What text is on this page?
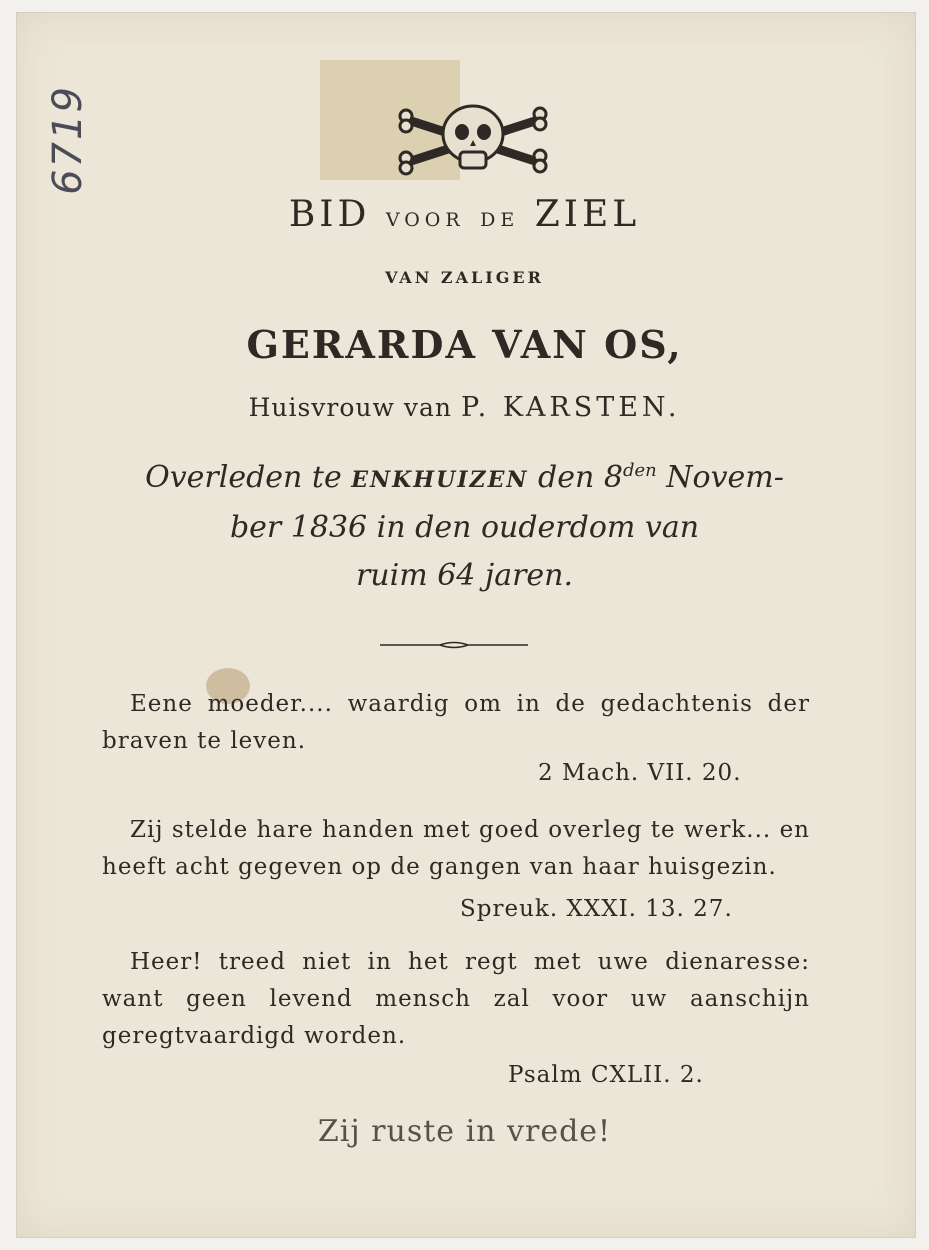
6719
BID VOOR DE ZIEL
VAN ZALIGER
GERARDA VAN OS,
Huisvrouw van P. KARSTEN.
Overleden te ENKHUIZEN den $8^{den}$ Novem-
ber 1836 in den ouderdom van
ruim 64 jaren.
Eene moeder.... waardig om in de gedachtenis der braven te leven.
2 Mach. VII. 20.
Zij stelde hare handen met goed overleg te werk... en heeft acht gegeven op de gangen van haar huisgezin.
Spreuk. XXXI. 13. 27.
Heer! treed niet in het regt met uwe dienaresse: want geen levend mensch zal voor uw aanschijn geregtvaardigd worden.
Psalm CXLII. 2.
Zij ruste in vrede!
